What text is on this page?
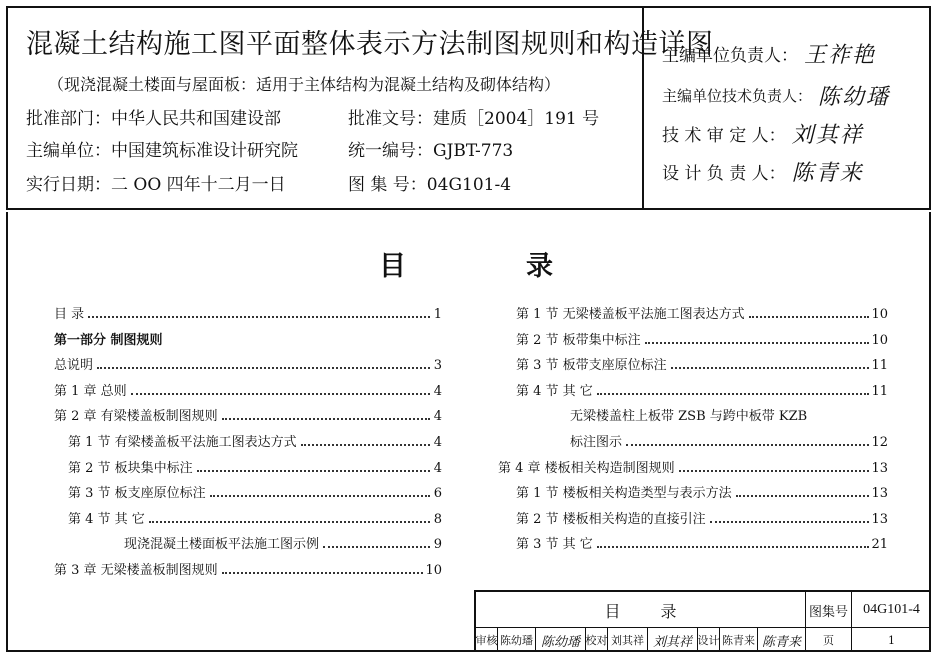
混凝土结构施工图平面整体表示方法制图规则和构造详图
（现浇混凝土楼面与屋面板：适用于主体结构为混凝土结构及砌体结构）
批准部门：中华人民共和国建设部	批准文号：建质［2004］191 号
主编单位：中国建筑标准设计研究院	统一编号：GJBT-773
实行日期：二 OO 四年十二月一日	图 集 号：04G101-4
主编单位负责人： 王祚艳
主编单位技术负责人： 陈幼璠
技 术 审 定 人： 刘其祥
设 计 负 责 人： 陈青来
目录
目 录	1
第一部分 制图规则
总说明	3
第 1 章 总则	4
第 2 章 有梁楼盖板制图规则	4
第 1 节 有梁楼盖板平法施工图表达方式	4
第 2 节 板块集中标注	4
第 3 节 板支座原位标注	6
第 4 节 其 它	8
现浇混凝土楼面板平法施工图示例	9
第 3 章 无梁楼盖板制图规则	10
第 1 节 无梁楼盖板平法施工图表达方式	10
第 2 节 板带集中标注	10
第 3 节 板带支座原位标注	11
第 4 节 其 它	11
无梁楼盖柱上板带 ZSB 与跨中板带 KZB
标注图示	12
第 4 章 楼板相关构造制图规则	13
第 1 节 楼板相关构造类型与表示方法	13
第 2 节 楼板相关构造的直接引注	13
第 3 节 其 它	21
目录	图集号	04G101-4
审核 陈幼璠 陈幼璠 校对 刘其祥 刘其祥 设计 陈青来 陈青来	页	1
